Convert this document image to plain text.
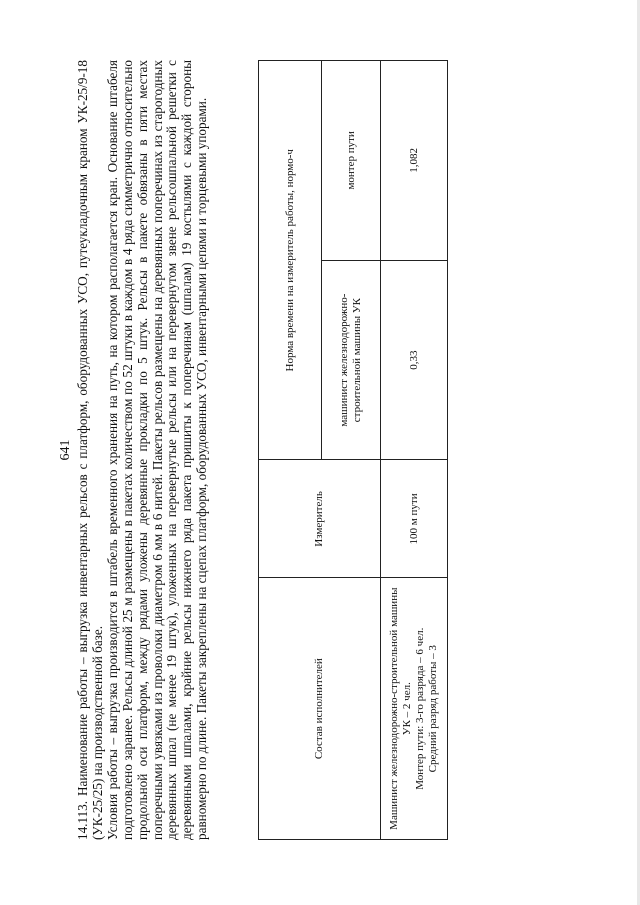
641 14.113. Наименование работы – выгрузка инвентарных рельсов с платформ, оборудованных УСО, путеукладочным краном УК-25/9-18 (УК-25/25) на производственной базе. Условия работы – выгрузка производится в штабель временного хранения на путь, на котором располагается кран. Основание штабеля подготовлено заранее. Рельсы длиной 25 м размещены в пакетах количеством по 52 штуки в каждом в 4 ряда симметрично относительно продольной оси платформ, между рядами уложены деревянные прокладки по 5 штук. Рельсы в пакете обвязаны в пяти местах поперечными увязками из проволоки диаметром 6 мм в 6 нитей. Пакеты рельсов размещены на деревянных поперечинах из старогодных деревянных шпал (не менее 19 штук), уложенных на перевернутые рельсы или на перевернутом звене рельсошпальной решетки с деревянными шпалами, крайние рельсы нижнего ряда пакета пришиты к поперечинам (шпалам) 19 костылями с каждой стороны равномерно по длине. Пакеты закреплены на сцепах платформ, оборудованных УСО, инвентарными цепями и торцевыми упорами.	Состав исполнителей	Измеритель	Норма времени на измеритель работы, нормо-ч	
		машинист железнодорожно-строительной машины УК	монтер пути

Машинист железнодорожно-строительной машины УК – 2 чел. Монтер пути: 3-го разряда – 6 чел. Средний разряд работы – 3	100 м пути	0,33	1,082
